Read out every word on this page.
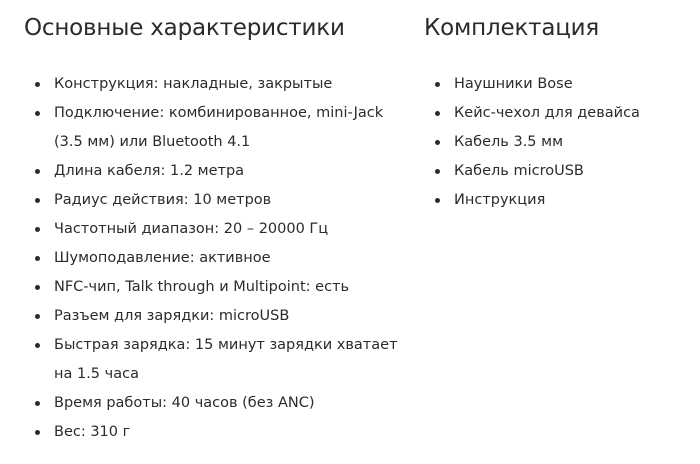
Основные характеристики
Конструкция: накладные, закрытые
Подключение: комбинированное, mini-Jack (3.5 мм) или Bluetooth 4.1
Длина кабеля: 1.2 метра
Радиус действия: 10 метров
Частотный диапазон: 20 – 20000 Гц
Шумоподавление: активное
NFC-чип, Talk through и Multipoint: есть
Разъем для зарядки: microUSB
Быстрая зарядка: 15 минут зарядки хватает на 1.5 часа
Время работы: 40 часов (без ANC)
Вес: 310 г
Комплектация
Наушники Bose
Кейс-чехол для девайса
Кабель 3.5 мм
Кабель microUSB
Инструкция
